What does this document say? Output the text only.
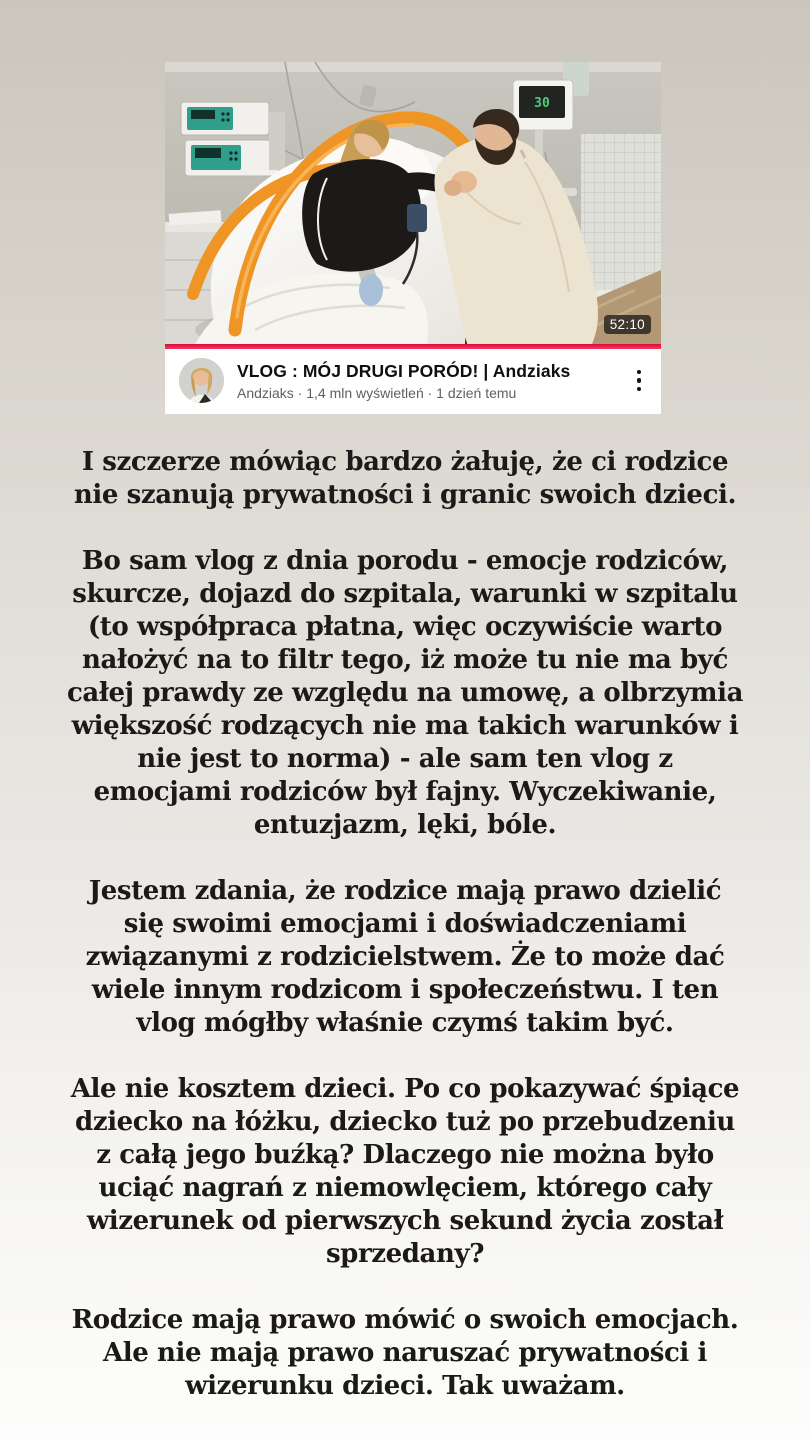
30
52:10
VLOG : MÓJ DRUGI PORÓD! | Andziaks
Andziaks · 1,4 mln wyświetleń · 1 dzień temu

I szczerze mówiąc bardzo żałuję, że ci rodzice nie szanują prywatności i granic swoich dzieci.

Bo sam vlog z dnia porodu - emocje rodziców, skurcze, dojazd do szpitala, warunki w szpitalu (to współpraca płatna, więc oczywiście warto nałożyć na to filtr tego, iż może tu nie ma być całej prawdy ze względu na umowę, a olbrzymia większość rodzących nie ma takich warunków i nie jest to norma) - ale sam ten vlog z emocjami rodziców był fajny. Wyczekiwanie, entuzjazm, lęki, bóle.

Jestem zdania, że rodzice mają prawo dzielić się swoimi emocjami i doświadczeniami związanymi z rodzicielstwem. Że to może dać wiele innym rodzicom i społeczeństwu. I ten vlog mógłby właśnie czymś takim być.

Ale nie kosztem dzieci. Po co pokazywać śpiące dziecko na łóżku, dziecko tuż po przebudzeniu z całą jego buźką? Dlaczego nie można było uciąć nagrań z niemowlęciem, którego cały wizerunek od pierwszych sekund życia został sprzedany?

Rodzice mają prawo mówić o swoich emocjach. Ale nie mają prawo naruszać prywatności i wizerunku dzieci. Tak uważam.
